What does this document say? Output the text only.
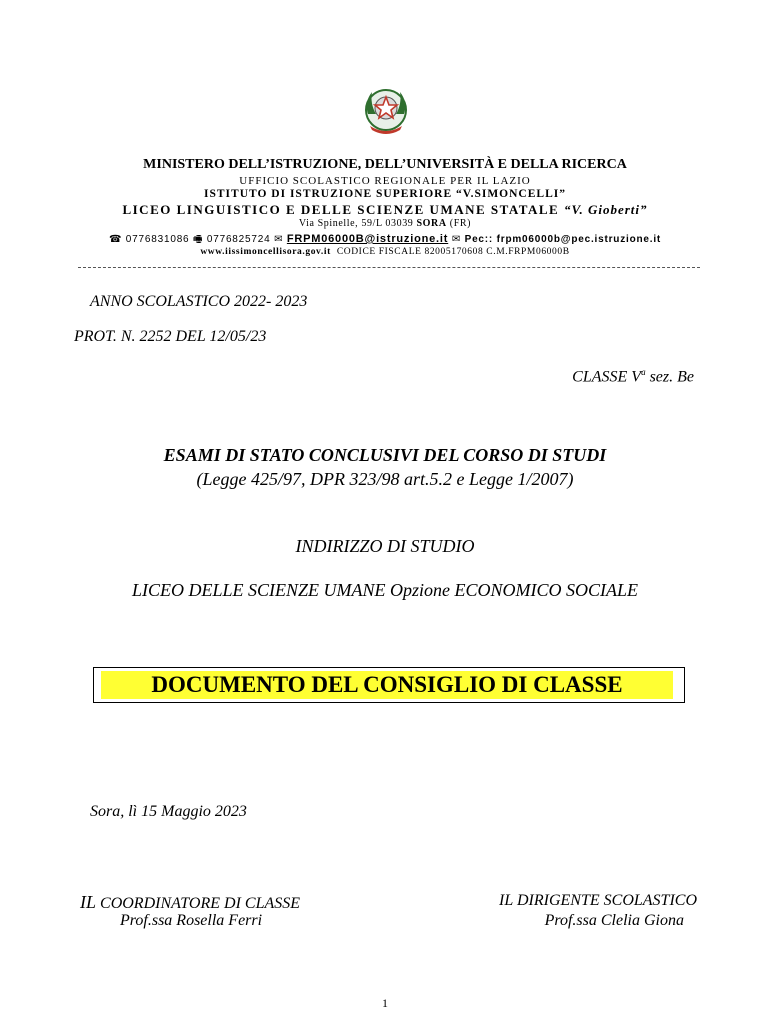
MINISTERO DELL’ISTRUZIONE, DELL’UNIVERSITÀ E DELLA RICERCA
UFFICIO SCOLASTICO REGIONALE PER IL LAZIO
ISTITUTO DI ISTRUZIONE SUPERIORE “V.SIMONCELLI”
LICEO LINGUISTICO E DELLE SCIENZE UMANE STATALE “V. Gioberti”
Via Spinelle, 59/L 03039 SORA (FR)
☎ 0776831086 🖷 0776825724 ✉ FRPM06000B@istruzione.it ✉ Pec:: frpm06000b@pec.istruzione.it
www.iissimoncellisora.gov.it CODICE FISCALE 82005170608 C.M.FRPM06000B
ANNO SCOLASTICO 2022- 2023
PROT. N. 2252 DEL 12/05/23
CLASSE $V^a$ sez. Be
ESAMI DI STATO CONCLUSIVI DEL CORSO DI STUDI
(Legge 425/97, DPR 323/98 art.5.2 e Legge 1/2007)
INDIRIZZO DI STUDIO
LICEO DELLE SCIENZE UMANE Opzione ECONOMICO SOCIALE
DOCUMENTO DEL CONSIGLIO DI CLASSE
Sora, lì 15 Maggio 2023
IL COORDINATORE DI CLASSE
Prof.ssa Rosella Ferri
IL DIRIGENTE SCOLASTICO
Prof.ssa Clelia Giona
1
